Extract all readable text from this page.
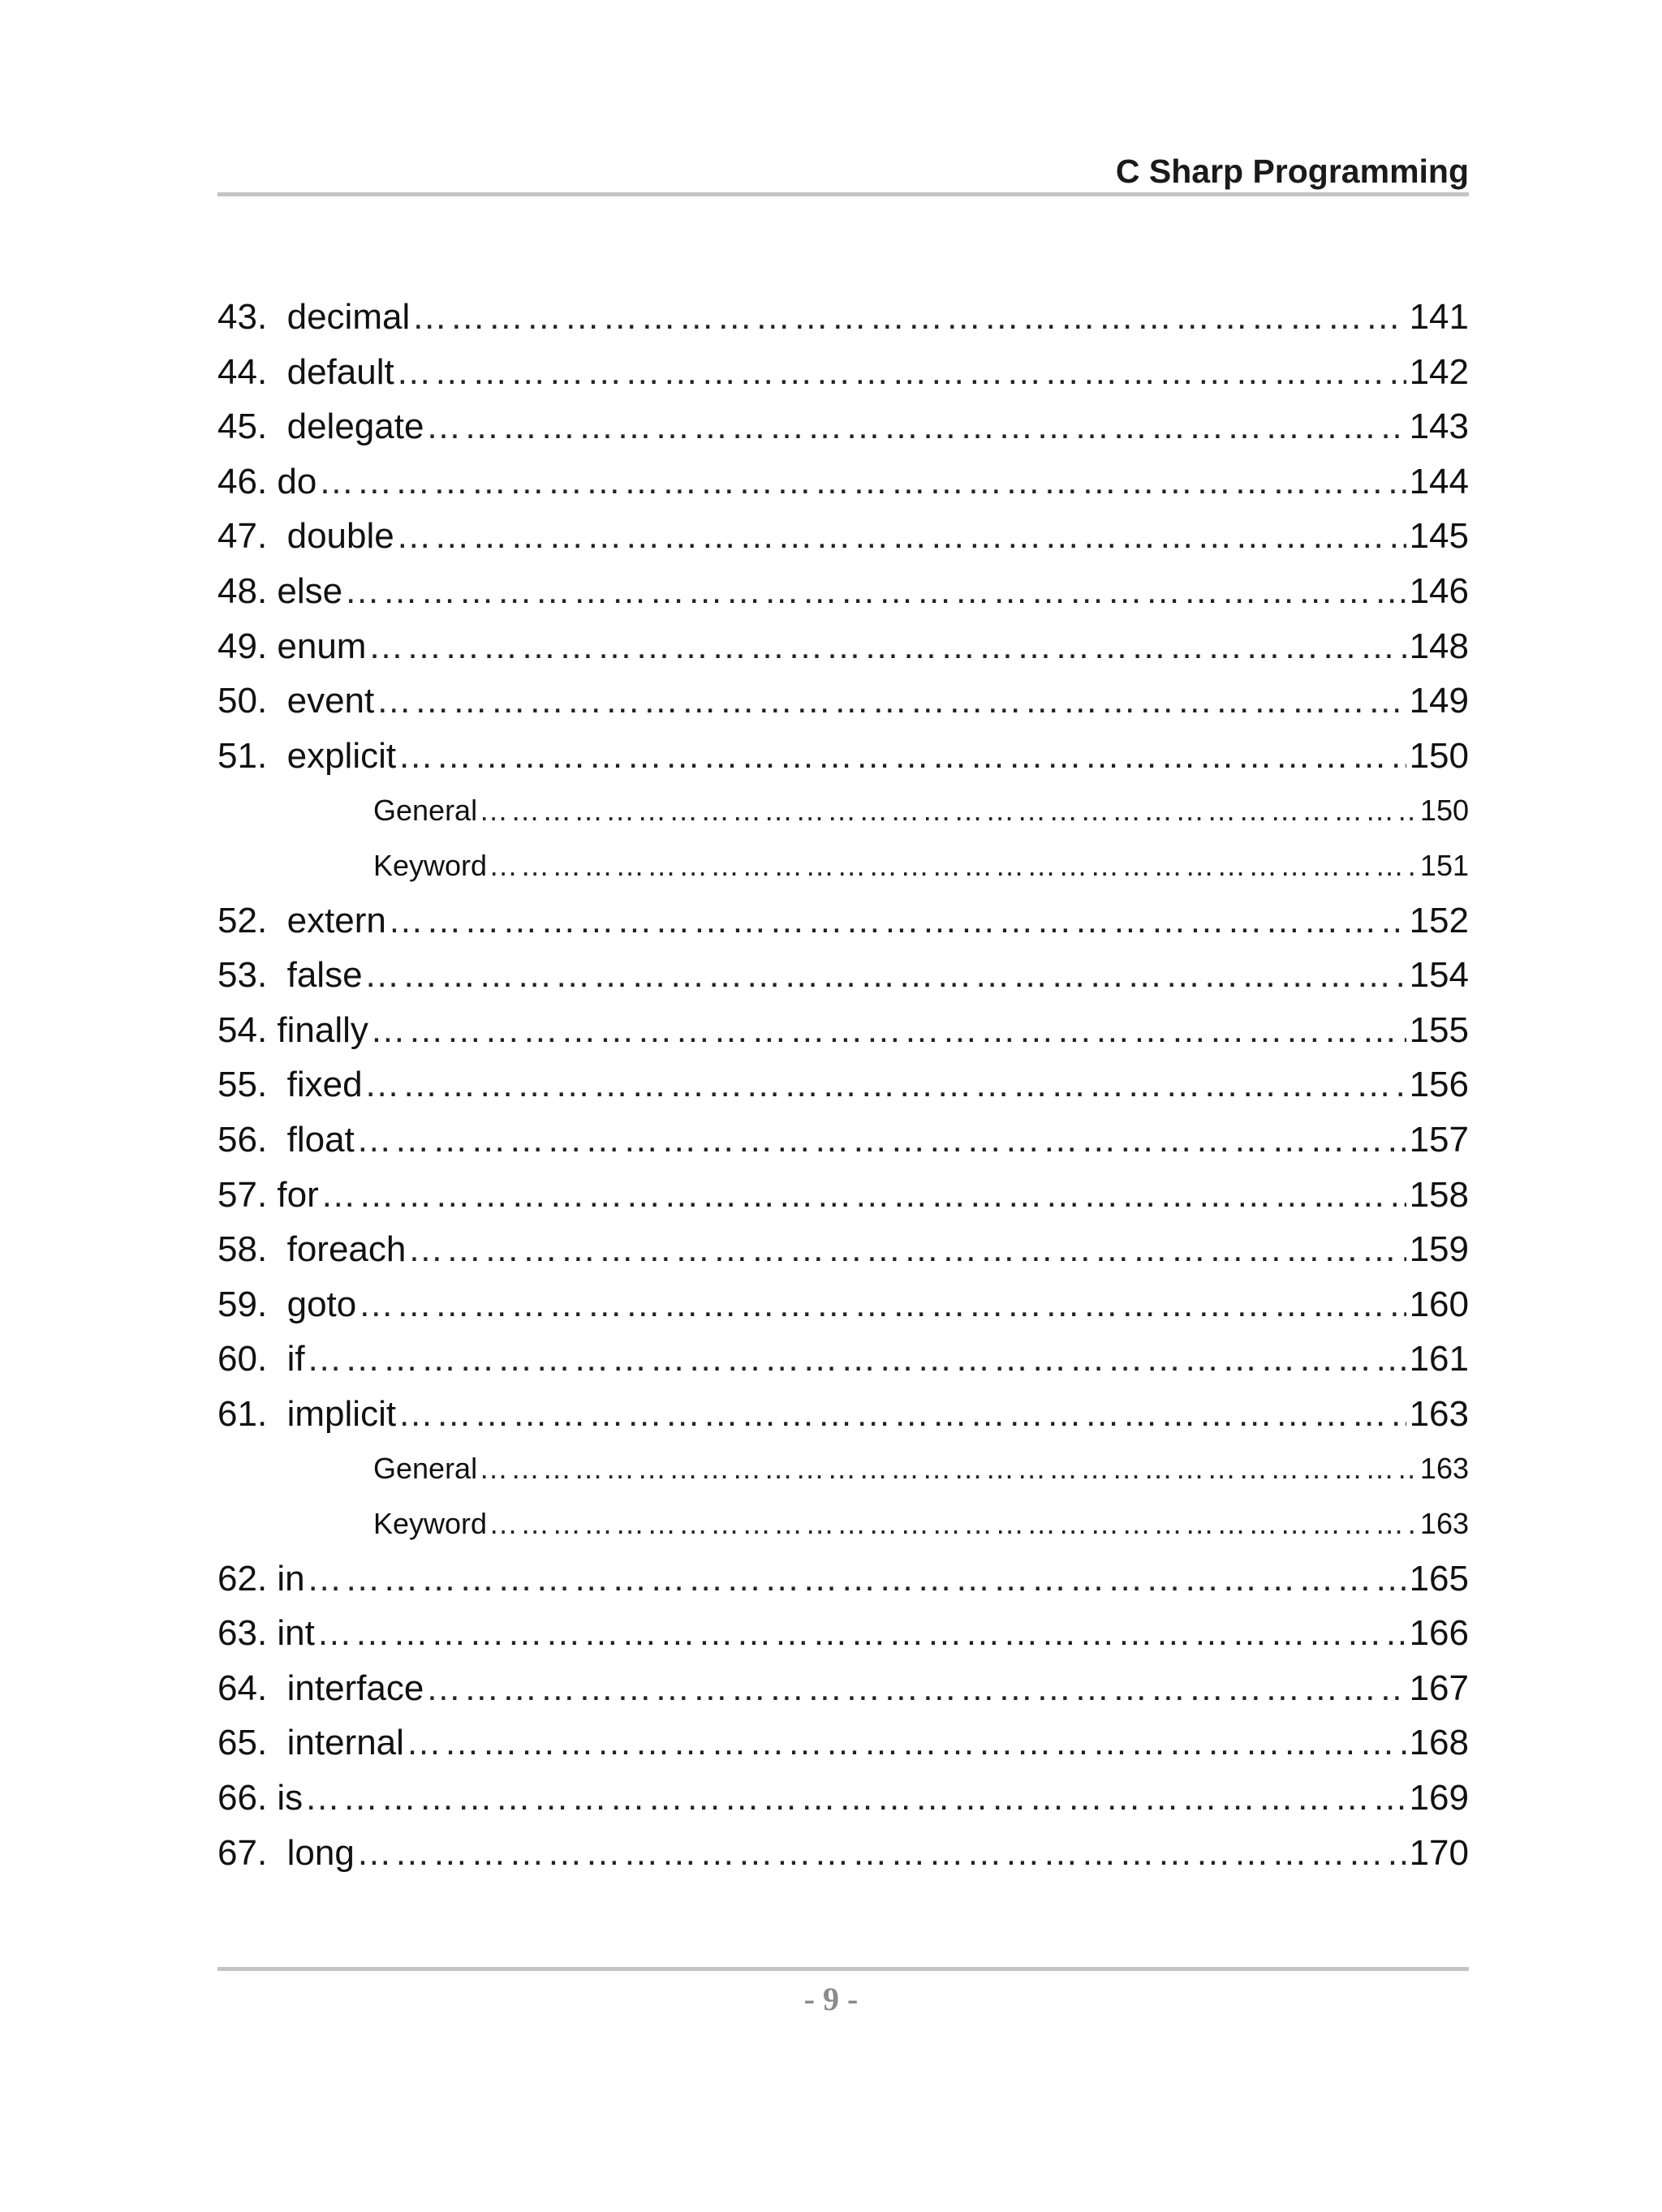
C Sharp Programming
43.  decimal ……………………………………………………………………………………………………………………………………………………………………………………………………	141
44.  default ……………………………………………………………………………………………………………………………………………………………………………………………………	142
45.  delegate ……………………………………………………………………………………………………………………………………………………………………………………………………	143
46. do ……………………………………………………………………………………………………………………………………………………………………………………………………	144
47.  double ……………………………………………………………………………………………………………………………………………………………………………………………………	145
48. else ……………………………………………………………………………………………………………………………………………………………………………………………………	146
49. enum ……………………………………………………………………………………………………………………………………………………………………………………………………	148
50.  event ……………………………………………………………………………………………………………………………………………………………………………………………………	149
51.  explicit ……………………………………………………………………………………………………………………………………………………………………………………………………	150
General ……………………………………………………………………………………………………………………………………………………………………………………………………	150
Keyword ……………………………………………………………………………………………………………………………………………………………………………………………………	151
52.  extern ……………………………………………………………………………………………………………………………………………………………………………………………………	152
53.  false ……………………………………………………………………………………………………………………………………………………………………………………………………	154
54. finally ……………………………………………………………………………………………………………………………………………………………………………………………………	155
55.  fixed ……………………………………………………………………………………………………………………………………………………………………………………………………	156
56.  float ……………………………………………………………………………………………………………………………………………………………………………………………………	157
57. for ……………………………………………………………………………………………………………………………………………………………………………………………………	158
58.  foreach ……………………………………………………………………………………………………………………………………………………………………………………………………	159
59.  goto ……………………………………………………………………………………………………………………………………………………………………………………………………	160
60.  if ……………………………………………………………………………………………………………………………………………………………………………………………………	161
61.  implicit ……………………………………………………………………………………………………………………………………………………………………………………………………	163
General ……………………………………………………………………………………………………………………………………………………………………………………………………	163
Keyword ……………………………………………………………………………………………………………………………………………………………………………………………………	163
62. in ……………………………………………………………………………………………………………………………………………………………………………………………………	165
63. int ……………………………………………………………………………………………………………………………………………………………………………………………………	166
64.  interface ……………………………………………………………………………………………………………………………………………………………………………………………………	167
65.  internal ……………………………………………………………………………………………………………………………………………………………………………………………………	168
66. is ……………………………………………………………………………………………………………………………………………………………………………………………………	169
67.  long ……………………………………………………………………………………………………………………………………………………………………………………………………	170
- 9 -
